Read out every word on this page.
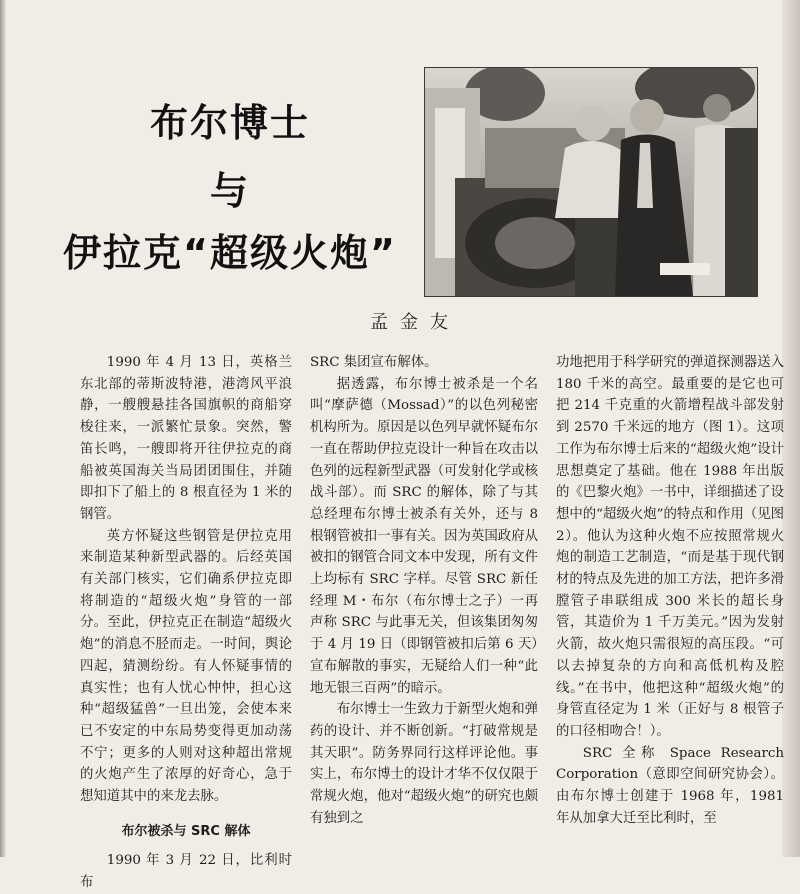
布尔博士
与
伊拉克“超级火炮”
孟金友

1990 年 4 月 13 日，英格兰东北部的蒂斯波特港，港湾风平浪静，一艘艘悬挂各国旗帜的商船穿梭往来，一派繁忙景象。突然，警笛长鸣，一艘即将开往伊拉克的商船被英国海关当局团团围住，并随即扣下了船上的 8 根直径为 1 米的钢管。

英方怀疑这些钢管是伊拉克用来制造某种新型武器的。后经英国有关部门核实，它们确系伊拉克即将制造的“超级火炮”身管的一部分。至此，伊拉克正在制造“超级火炮”的消息不胫而走。一时间，舆论四起，猜测纷纷。有人怀疑事情的真实性；也有人忧心忡忡，担心这种“超级猛兽”一旦出笼，会使本来已不安定的中东局势变得更加动荡不宁；更多的人则对这种超出常规的火炮产生了浓厚的好奇心，急于想知道其中的来龙去脉。

布尔被杀与 SRC 解体

1990 年 3 月 22 日，比利时布

SRC 集团宣布解体。

据透露，布尔博士被杀是一个名叫“摩萨德（Mossad）”的以色列秘密机构所为。原因是以色列早就怀疑布尔一直在帮助伊拉克设计一种旨在攻击以色列的远程新型武器（可发射化学或核战斗部）。而 SRC 的解体，除了与其总经理布尔博士被杀有关外，还与 8 根钢管被扣一事有关。因为英国政府从被扣的钢管合同文本中发现，所有文件上均标有 SRC 字样。尽管 SRC 新任经理 M・布尔（布尔博士之子）一再声称 SRC 与此事无关，但该集团匆匆于 4 月 19 日（即钢管被扣后第 6 天）宣布解散的事实，无疑给人们一种“此地无银三百两”的暗示。

布尔博士一生致力于新型火炮和弹药的设计、并不断创新。“打破常规是其天职”。防务界同行这样评论他。事实上，布尔博士的设计才华不仅仅限于常规火炮，他对“超级火炮”的研究也颇有独到之

功地把用于科学研究的弹道探测器送入 180 千米的高空。最重要的是它也可把 214 千克重的火箭增程战斗部发射到 2570 千米远的地方（图 1）。这项工作为布尔博士后来的“超级火炮”设计思想奠定了基础。他在 1988 年出版的《巴黎火炮》一书中，详细描述了设想中的“超级火炮”的特点和作用（见图 2）。他认为这种火炮不应按照常规火炮的制造工艺制造，“而是基于现代钢材的特点及先进的加工方法，把许多滑膛管子串联组成 300 米长的超长身管，其造价为 1 千万美元。”因为发射火箭，故火炮只需很短的高压段。“可以去掉复杂的方向和高低机构及腔线。”在书中，他把这种“超级火炮”的身管直径定为 1 米（正好与 8 根管子的口径相吻合！）。

SRC 全称 Space Research Corporation（意即空间研究协会）。由布尔博士创建于 1968 年，1981 年从加拿大迁至比利时，至
